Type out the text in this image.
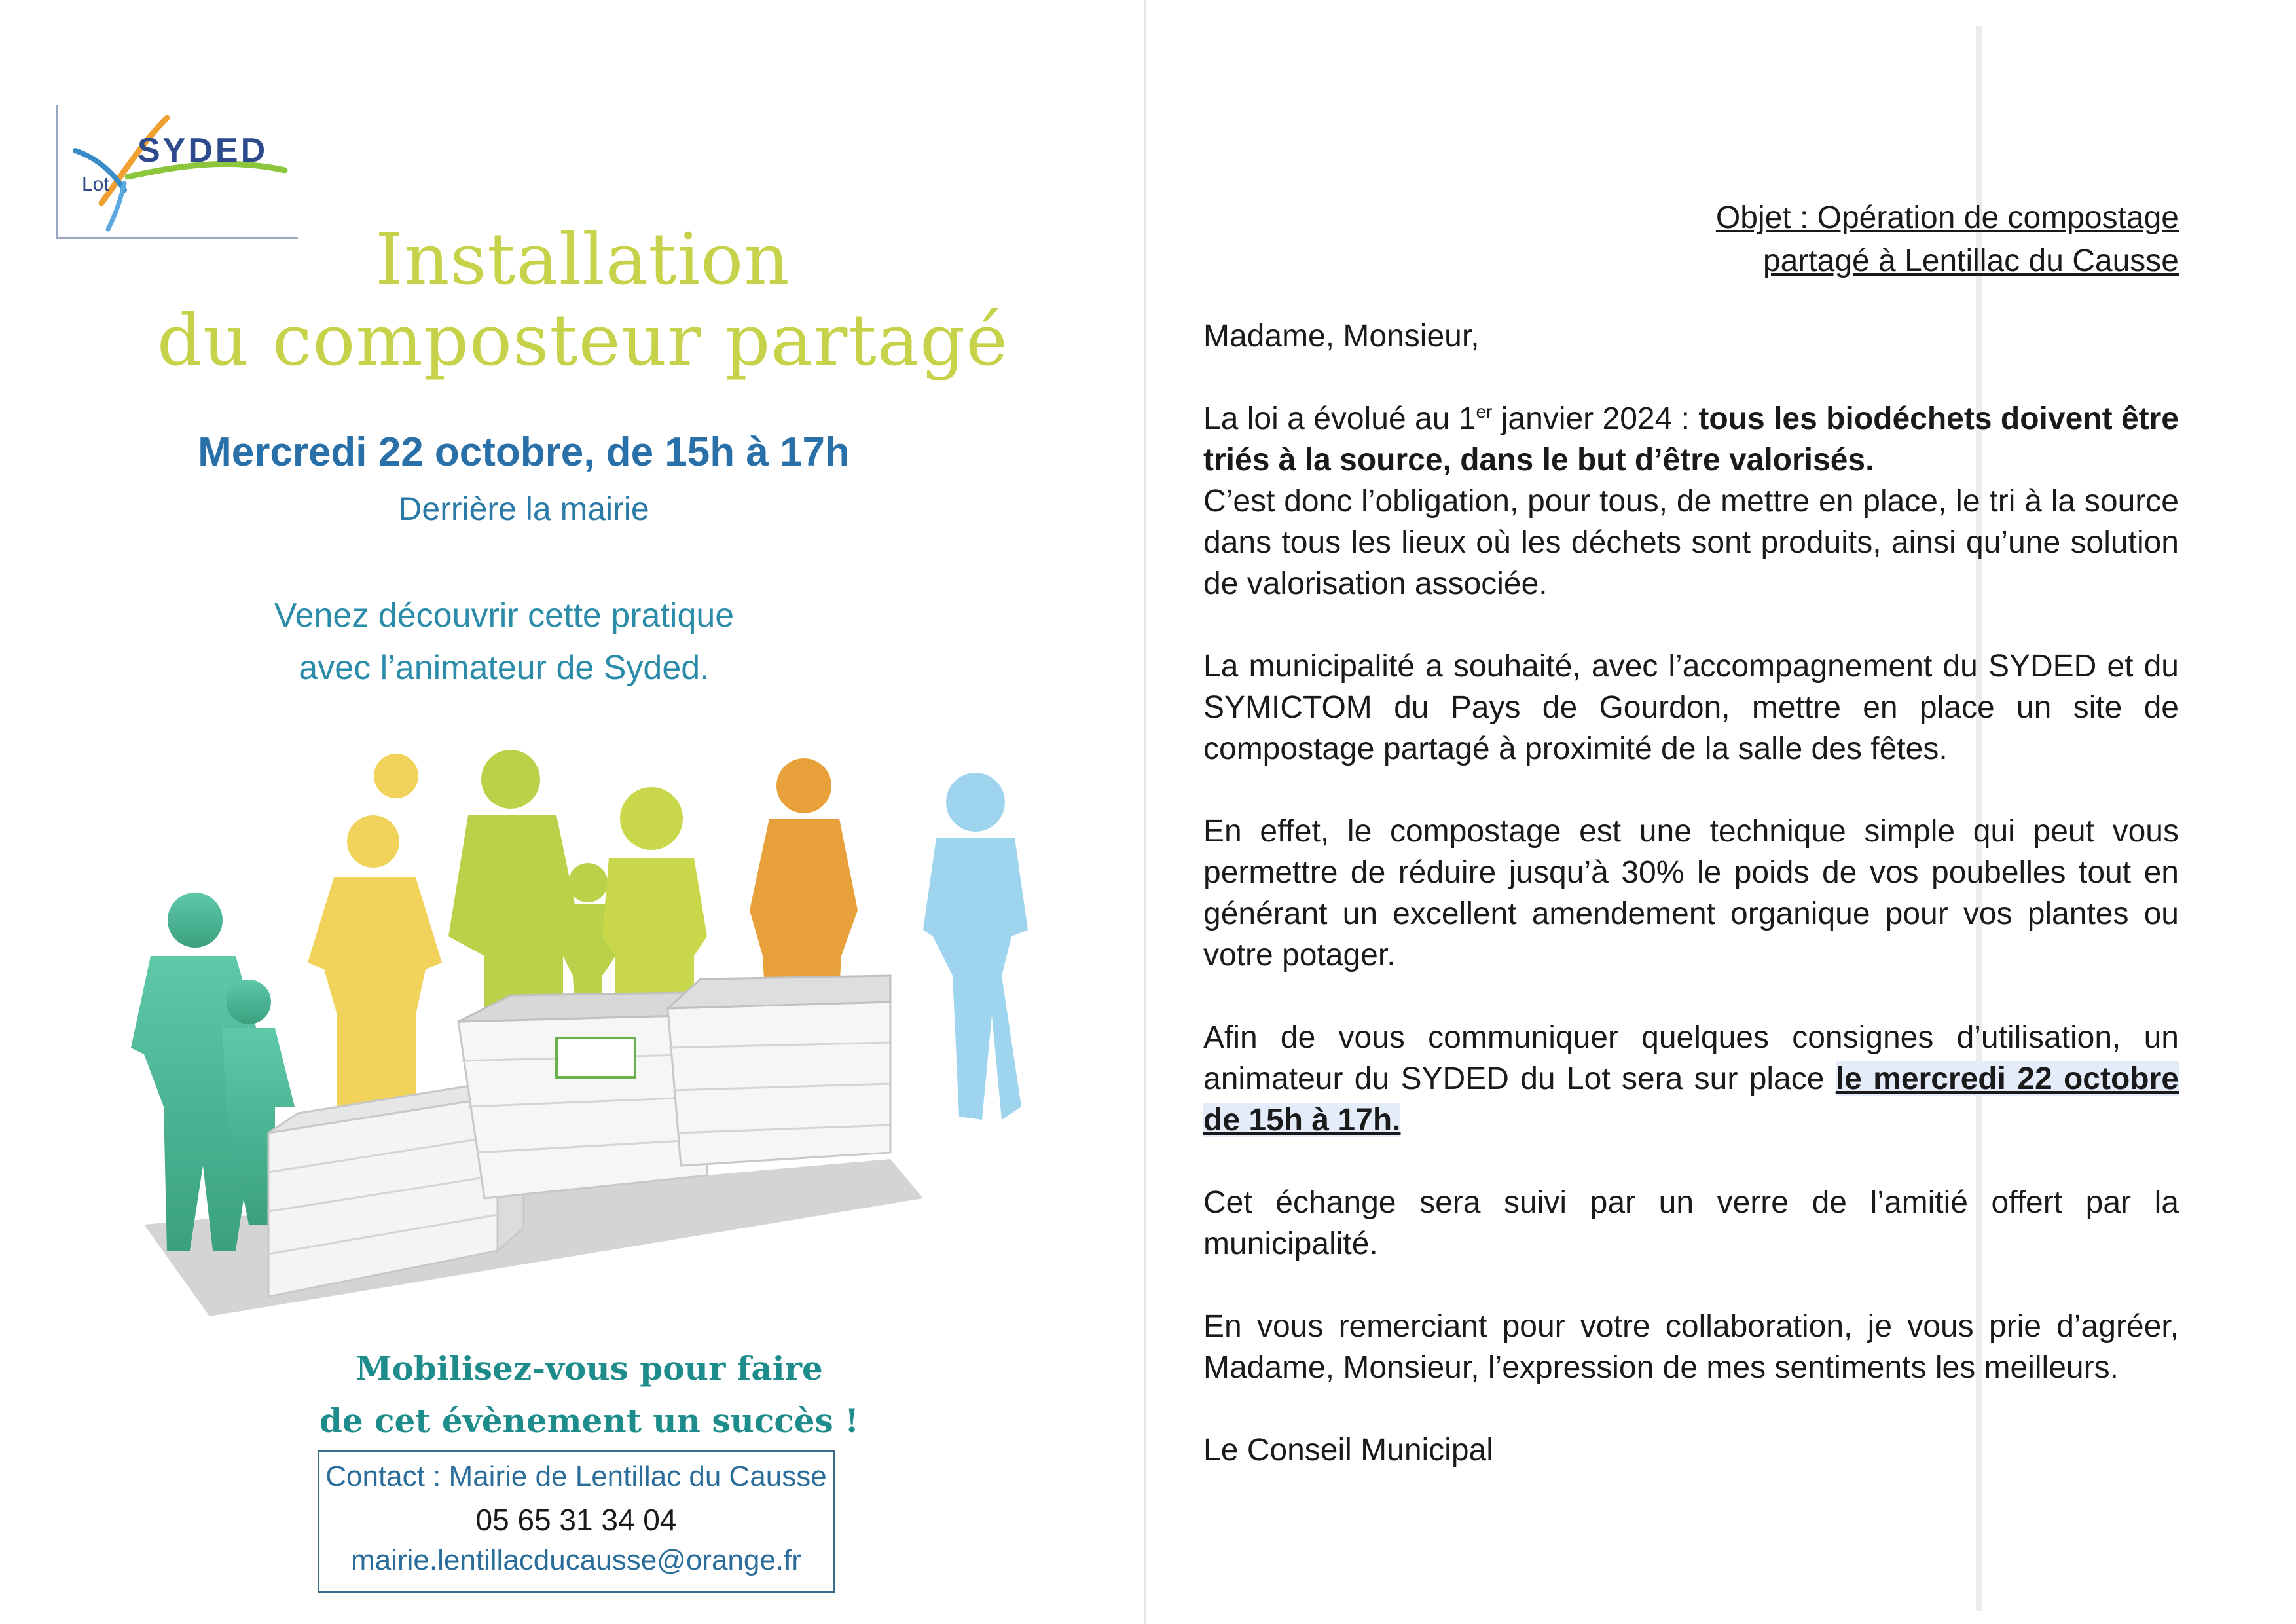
SYDED
Lot
Installation
du composteur partagé
Mercredi 22 octobre, de 15h à 17h
Derrière la mairie
Venez découvrir cette pratique
avec l’animateur de Syded.
Mobilisez-vous pour faire
de cet évènement un succès !
Contact : Mairie de Lentillac du Causse
05 65 31 34 04
mairie.lentillacducausse@orange.fr
Objet : Opération de compostage
partagé à Lentillac du Causse
Madame, Monsieur,

La loi a évolué au 1er janvier 2024 : tous les biodéchets doivent être triés à la source, dans le but d’être valorisés.

C’est donc l’obligation, pour tous, de mettre en place, le tri à la source dans tous les lieux où les déchets sont produits, ainsi qu’une solution de valorisation associée.

La municipalité a souhaité, avec l’accompagnement du SYDED et du SYMICTOM du Pays de Gourdon, mettre en place un site de compostage partagé à proximité de la salle des fêtes.
En effet, le compostage est une technique simple qui peut vous permettre de réduire jusqu’à 30% le poids de vos poubelles tout en générant un excellent amendement organique pour vos plantes ou votre potager.
Afin de vous communiquer quelques consignes d’utilisation, un animateur du SYDED du Lot sera sur place le mercredi 22 octobre de 15h à 17h.
Cet échange sera suivi par un verre de l’amitié offert par la municipalité.
En vous remerciant pour votre collaboration, je vous prie d’agréer, Madame, Monsieur, l’expression de mes sentiments les meilleurs.
Le Conseil Municipal
